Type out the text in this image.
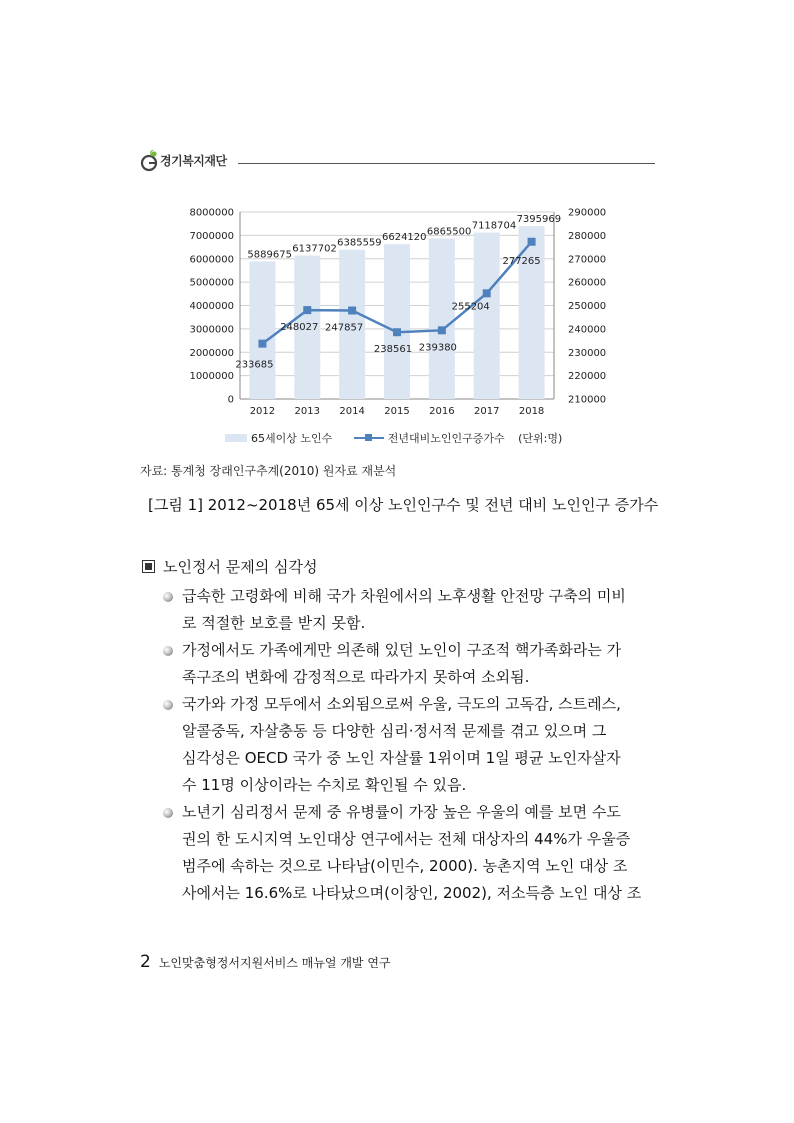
경기복지재단
8000000
7000000
6000000
5000000
4000000
3000000
2000000
1000000
0
290000
280000
270000
260000
250000
240000
230000
220000
210000
5889675
2012
6137702
2013
6385559
2014
6624120
2015
6865500
2016
7118704
2017
7395969
2018
233685
248027 247857
238561 239380
255204
277265
65세이상 노인수	전년대비노인인구증가수 (단위:명)
자료: 통계청 장래인구추계(2010) 원자료 재분석
[그림 1] 2012~2018년 65세 이상 노인인구수 및 전년 대비 노인인구 증가수
노인정서 문제의 심각성
급속한 고령화에 비해 국가 차원에서의 노후생활 안전망 구축의 미비
로 적절한 보호를 받지 못함.
가정에서도 가족에게만 의존해 있던 노인이 구조적 핵가족화라는 가
족구조의 변화에 감정적으로 따라가지 못하여 소외됨.
국가와 가정 모두에서 소외됨으로써 우울, 극도의 고독감, 스트레스,
알콜중독, 자살충동 등 다양한 심리‧정서적 문제를 겪고 있으며 그
심각성은 OECD 국가 중 노인 자살률 1위이며 1일 평균 노인자살자
수 11명 이상이라는 수치로 확인될 수 있음.
노년기 심리정서 문제 중 유병률이 가장 높은 우울의 예를 보면 수도
권의 한 도시지역 노인대상 연구에서는 전체 대상자의 44%가 우울증
범주에 속하는 것으로 나타남(이민수, 2000). 농촌지역 노인 대상 조
사에서는 16.6%로 나타났으며(이창인, 2002), 저소득층 노인 대상 조
2 노인맞춤형정서지원서비스 매뉴얼 개발 연구
